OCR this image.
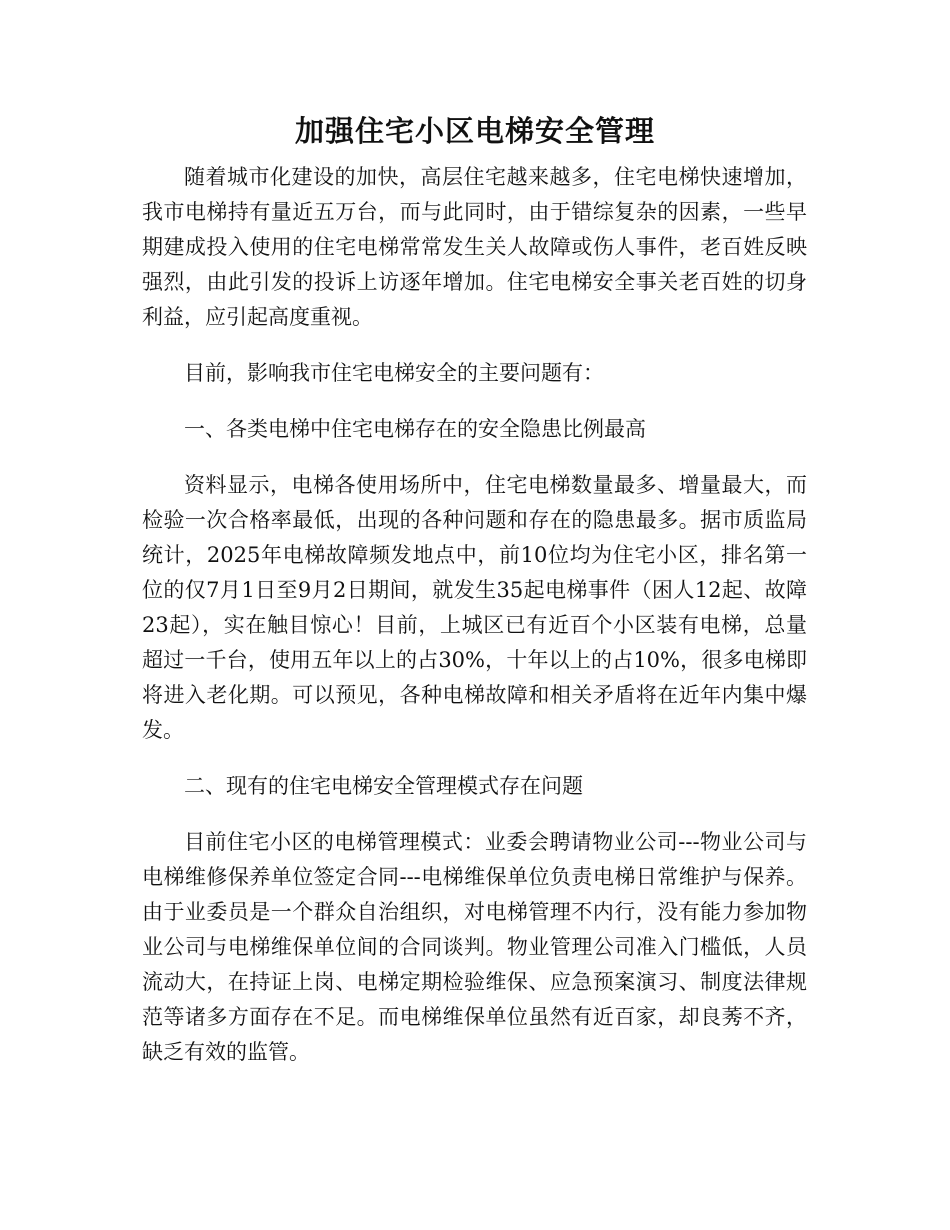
加强住宅小区电梯安全管理

随着城市化建设的加快，高层住宅越来越多，住宅电梯快速增加，我市电梯持有量近五万台，而与此同时，由于错综复杂的因素，一些早期建成投入使用的住宅电梯常常发生关人故障或伤人事件，老百姓反映强烈，由此引发的投诉上访逐年增加。住宅电梯安全事关老百姓的切身利益，应引起高度重视。

目前，影响我市住宅电梯安全的主要问题有：

一、各类电梯中住宅电梯存在的安全隐患比例最高

资料显示，电梯各使用场所中，住宅电梯数量最多、增量最大，而检验一次合格率最低，出现的各种问题和存在的隐患最多。据市质监局统计，2025年电梯故障频发地点中，前10位均为住宅小区，排名第一位的仅7月1日至9月2日期间，就发生35起电梯事件（困人12起、故障23起），实在触目惊心！目前，上城区已有近百个小区装有电梯，总量超过一千台，使用五年以上的占30%，十年以上的占10%，很多电梯即将进入老化期。可以预见，各种电梯故障和相关矛盾将在近年内集中爆发。

二、现有的住宅电梯安全管理模式存在问题

目前住宅小区的电梯管理模式：业委会聘请物业公司---物业公司与电梯维修保养单位签定合同---电梯维保单位负责电梯日常维护与保养。由于业委员是一个群众自治组织，对电梯管理不内行，没有能力参加物业公司与电梯维保单位间的合同谈判。物业管理公司准入门槛低，人员流动大，在持证上岗、电梯定期检验维保、应急预案演习、制度法律规范等诸多方面存在不足。而电梯维保单位虽然有近百家，却良莠不齐，缺乏有效的监管。
